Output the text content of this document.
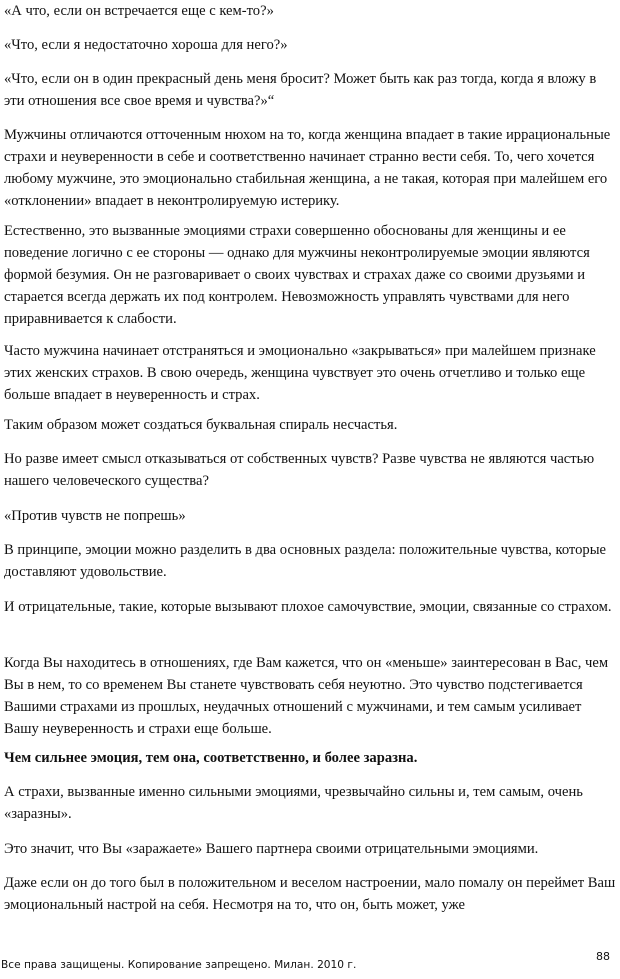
«А что, если он встречается еще с кем-то?»

«Что, если я недостаточно хороша для него?»

«Что, если он в один прекрасный день меня бросит? Может быть как раз тогда, когда я вложу в эти отношения все свое время и чувства?»“

Мужчины отличаются отточенным нюхом на то, когда женщина впадает в такие иррациональные страхи и неуверенности в себе и соответственно начинает странно вести себя. То, чего хочется любому мужчине, это эмоционально стабильная женщина, а не такая, которая при малейшем его «отклонении» впадает в неконтролируемую истерику.

Естественно, это вызванные эмоциями страхи совершенно обоснованы для женщины и ее поведение логично с ее стороны — однако для мужчины неконтролируемые эмоции являются формой безумия. Он не разговаривает о своих чувствах и страхах даже со своими друзьями и старается всегда держать их под контролем. Невозможность управлять чувствами для него приравнивается к слабости.

Часто мужчина начинает отстраняться и эмоционально «закрываться» при малейшем признаке этих женских страхов. В свою очередь, женщина чувствует это очень отчетливо и только еще больше впадает в неуверенность и страх.

Таким образом может создаться буквальная спираль несчастья.

Но разве имеет смысл отказываться от собственных чувств? Разве чувства не являются частью нашего человеческого существа?

«Против чувств не попрешь»

В принципе, эмоции можно разделить в два основных раздела: положительные чувства, которые доставляют удовольствие.

И отрицательные, такие, которые вызывают плохое самочувствие, эмоции, связанные со страхом.

Когда Вы находитесь в отношениях, где Вам кажется, что он «меньше» заинтересован в Вас, чем Вы в нем, то со временем Вы станете чувствовать себя неуютно. Это чувство подстегивается Вашими страхами из прошлых, неудачных отношений с мужчинами, и тем самым усиливает Вашу неуверенность и страхи еще больше.

Чем сильнее эмоция, тем она, соответственно, и более заразна.

А страхи, вызванные именно сильными эмоциями, чрезвычайно сильны и, тем самым, очень «заразны».

Это значит, что Вы «заражаете» Вашего партнера своими отрицательными эмоциями.

Даже если он до того был в положительном и веселом настроении, мало помалу он переймет Ваш эмоциональный настрой на себя. Несмотря на то, что он, быть может, уже

Все права защищены. Копирование запрещено. Милан. 2010 г.
88
